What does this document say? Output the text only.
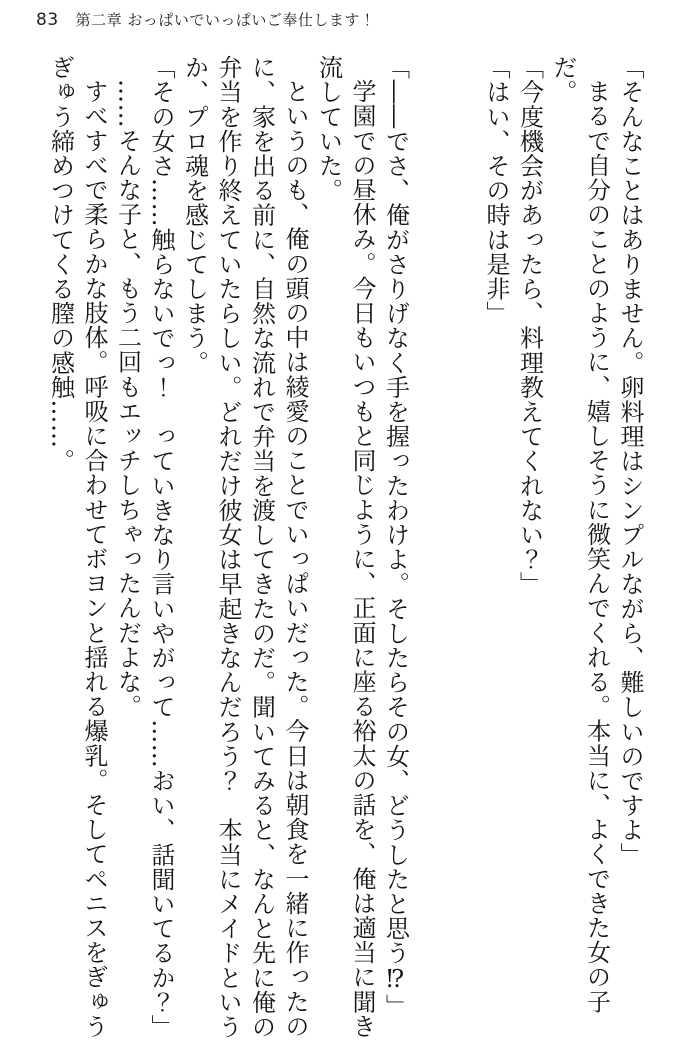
83 第二章 おっぱいでいっぱいご奉仕します！

「そんなことはありません。卵料理はシンプルながら、難しいのですよ」

まるで自分のことのように、嬉しそうに微笑んでくれる。本当に、よくできた女の子だ。

「今度機会があったら、料理教えてくれない？」

「はい、その時は是非」

「――でさ、俺がさりげなく手を握ったわけよ。そしたらその女、どうしたと思う⁉」

学園での昼休み。今日もいつもと同じように、正面に座る裕太の話を、俺は適当に聞き

流していた。

というのも、俺の頭の中は綾愛のことでいっぱいだった。今日は朝食を一緒に作ったの

に、家を出る前に、自然な流れで弁当を渡してきたのだ。聞いてみると、なんと先に俺の

弁当を作り終えていたらしい。どれだけ彼女は早起きなんだろう？　本当にメイドという

か、プロ魂を感じてしまう。

「その女さ……触らないでっ！　っていきなり言いやがって……おい、話聞いてるか？」

……そんな子と、もう二回もエッチしちゃったんだよな。

すべすべで柔らかな肢体。呼吸に合わせてボヨンと揺れる爆乳。そしてペニスをぎゅう

ぎゅう締めつけてくる膣の感触……。
